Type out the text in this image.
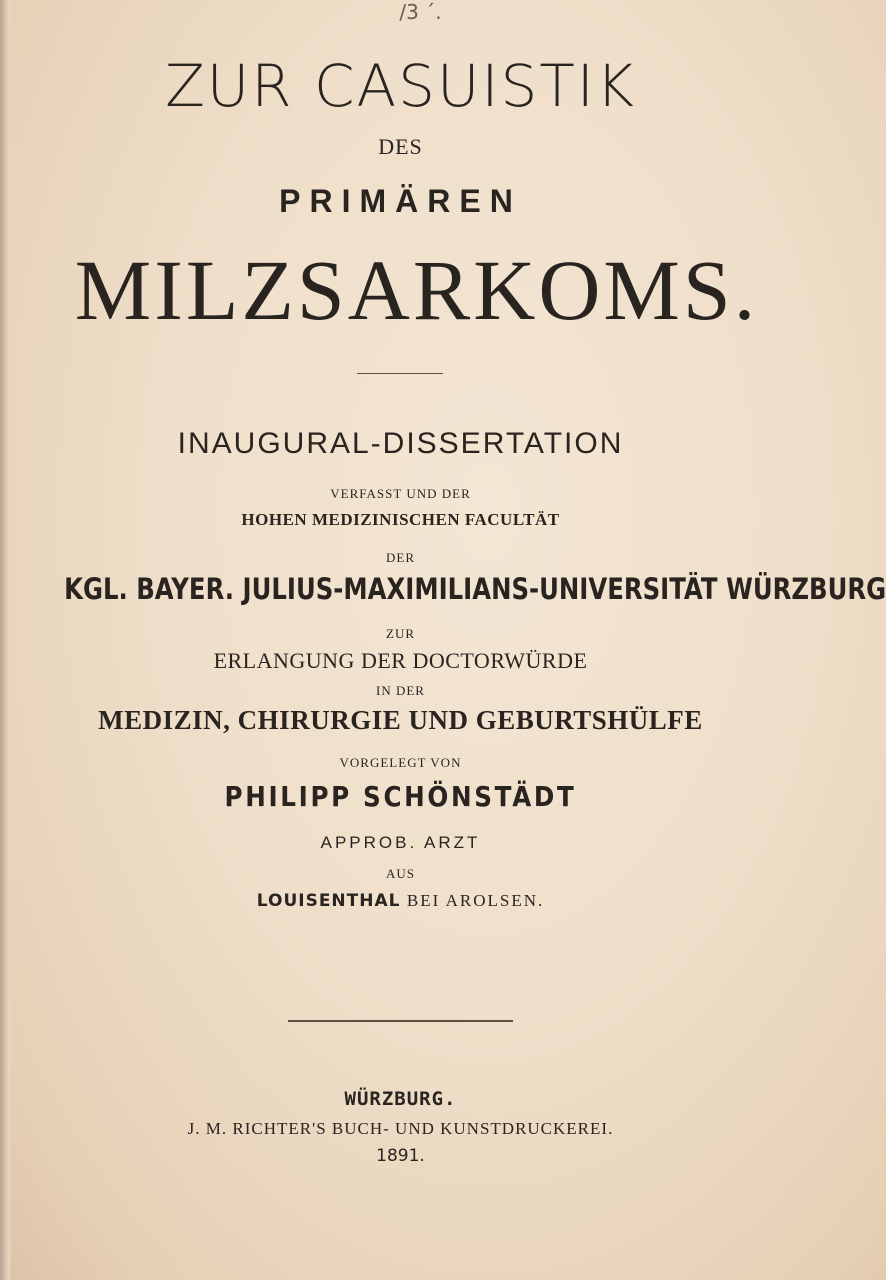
/3 ´.
ZUR CASUISTIK
DES
PRIMÄREN
MILZSARKOMS.
INAUGURAL-DISSERTATION
VERFASST UND DER
HOHEN MEDIZINISCHEN FACULTÄT
DER
KGL. BAYER. JULIUS-MAXIMILIANS-UNIVERSITÄT WÜRZBURG
ZUR
ERLANGUNG DER DOCTORWÜRDE
IN DER
MEDIZIN, CHIRURGIE UND GEBURTSHÜLFE
VORGELEGT VON
PHILIPP SCHÖNSTÄDT
APPROB. ARZT
AUS
LOUISENTHAL BEI AROLSEN.
WÜRZBURG.
J. M. RICHTER'S BUCH- UND KUNSTDRUCKEREI.
1891.
